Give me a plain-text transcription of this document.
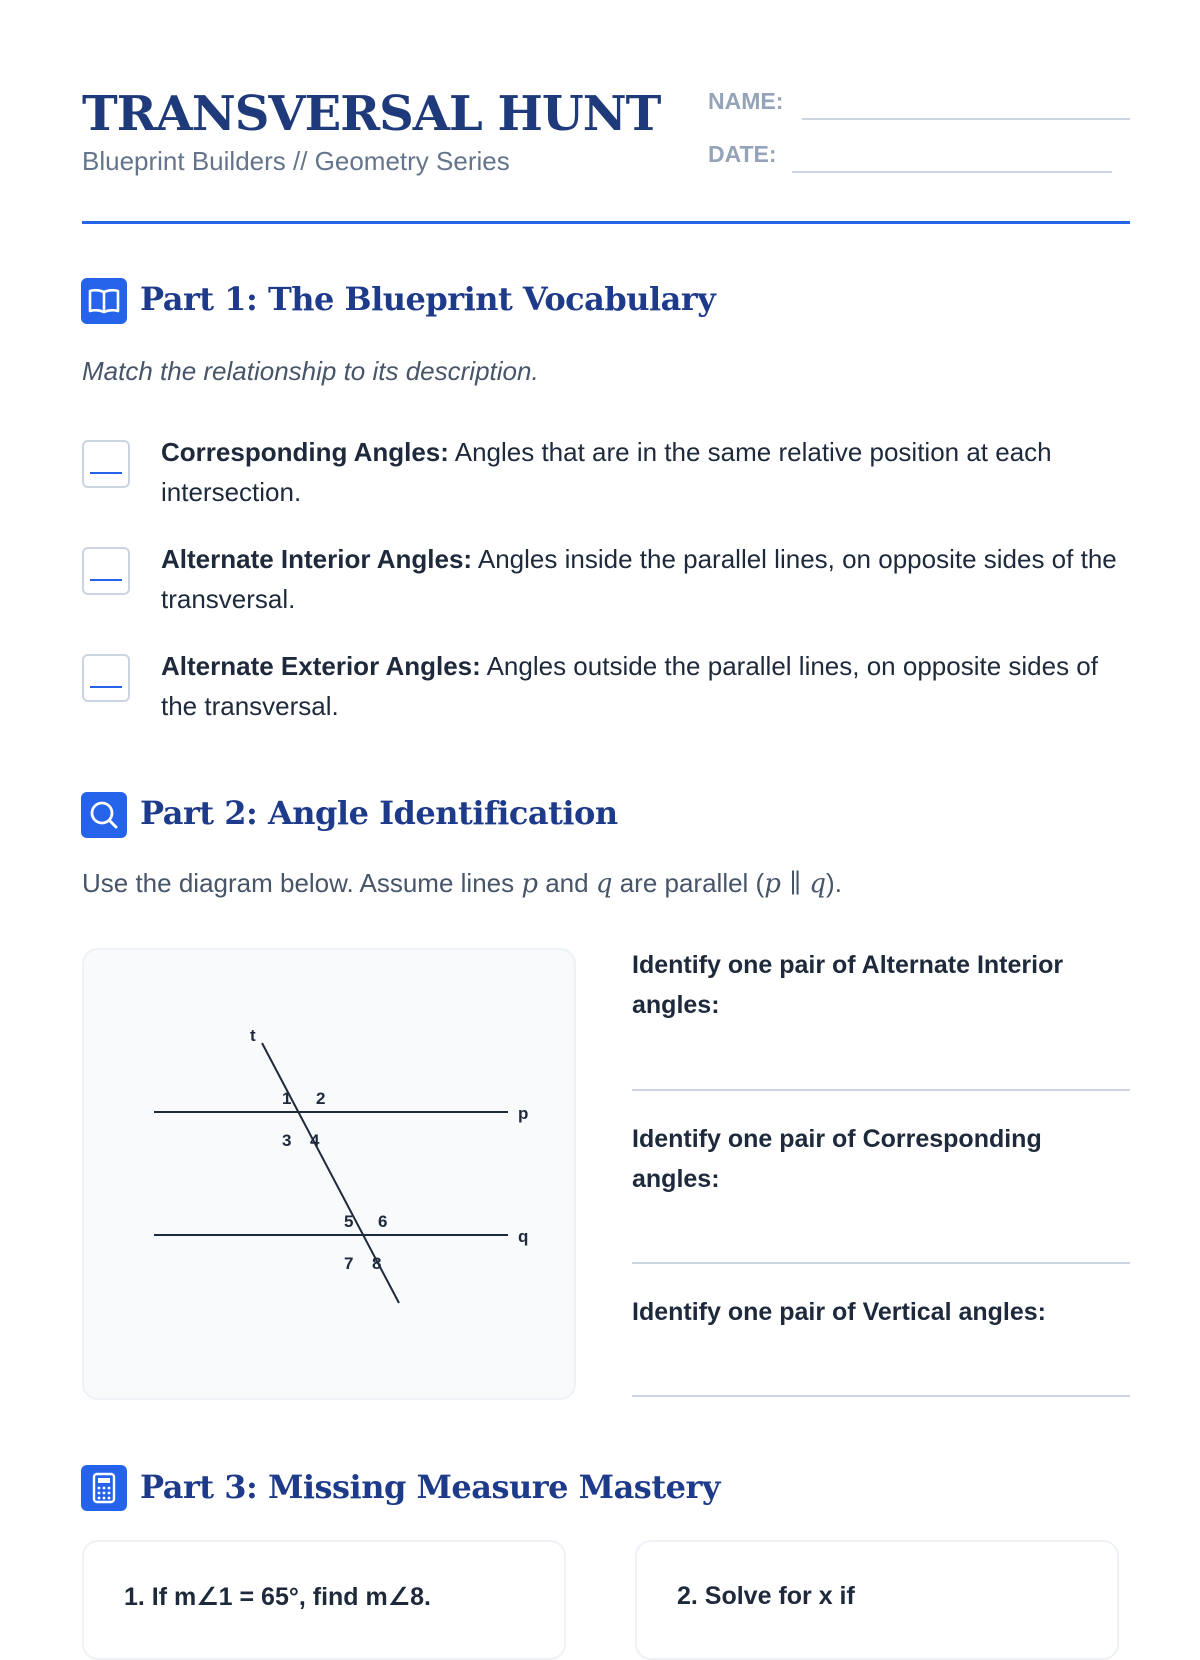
TRANSVERSAL HUNT
Blueprint Builders // Geometry Series
NAME:
DATE:
Part 1: The Blueprint Vocabulary
Match the relationship to its description.
Corresponding Angles: Angles that are in the same relative position at each intersection.
Alternate Interior Angles: Angles inside the parallel lines, on opposite sides of the transversal.
Alternate Exterior Angles: Angles outside the parallel lines, on opposite sides of the transversal.
Part 2: Angle Identification
Use the diagram below. Assume lines p and q are parallel (p ∥ q).
t
p
q
1 2
3 4
5 6
7 8
Identify one pair of Alternate Interior angles:
Identify one pair of Corresponding angles:
Identify one pair of Vertical angles:
Part 3: Missing Measure Mastery
1. If m∠1 = 65°, find m∠8.	2. Solve for x if
